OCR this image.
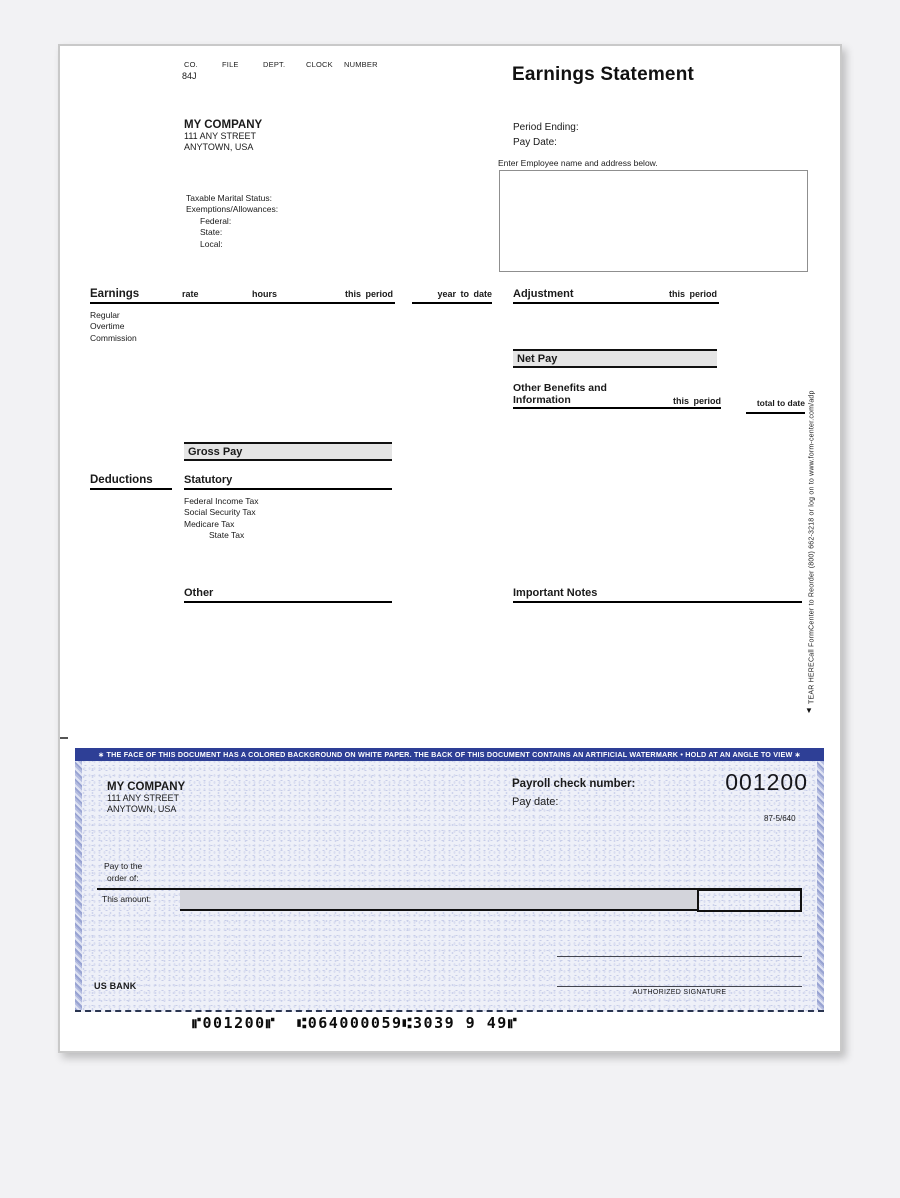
CO.	FILE	DEPT.	CLOCK NUMBER
84J	Earnings Statement
MY COMPANY
111 ANY STREET
ANYTOWN, USA
Period Ending:
Pay Date:
Enter Employee name and address below.
Taxable Marital Status:
Exemptions/Allowances:
Federal:
State:
Local:
Earnings	rate	hours	this period	year to date
Regular
Overtime
Commission
Adjustment	this period
Net Pay
Other Benefits and
Information	this period	total to date
Gross Pay
Deductions	Statutory
Federal Income Tax
Social Security Tax
Medicare Tax
State Tax
Other	Important Notes
TEAR HERE
Call FormCenter to Reorder (800) 662-3218 or log on to www.form-center.com/adp
▼
∗ THE FACE OF THIS DOCUMENT HAS A COLORED BACKGROUND ON WHITE PAPER. THE BACK OF THIS DOCUMENT CONTAINS AN ARTIFICIAL WATERMARK • HOLD AT AN ANGLE TO VIEW ∗
MY COMPANY
111 ANY STREET
ANYTOWN, USA
Payroll check number:
Pay date:
001200
87-5/640
Pay to the
order of:
This amount:
AUTHORIZED SIGNATURE
US BANK
⑈001200⑈  ⑆064000059⑆3039 9 49⑈
